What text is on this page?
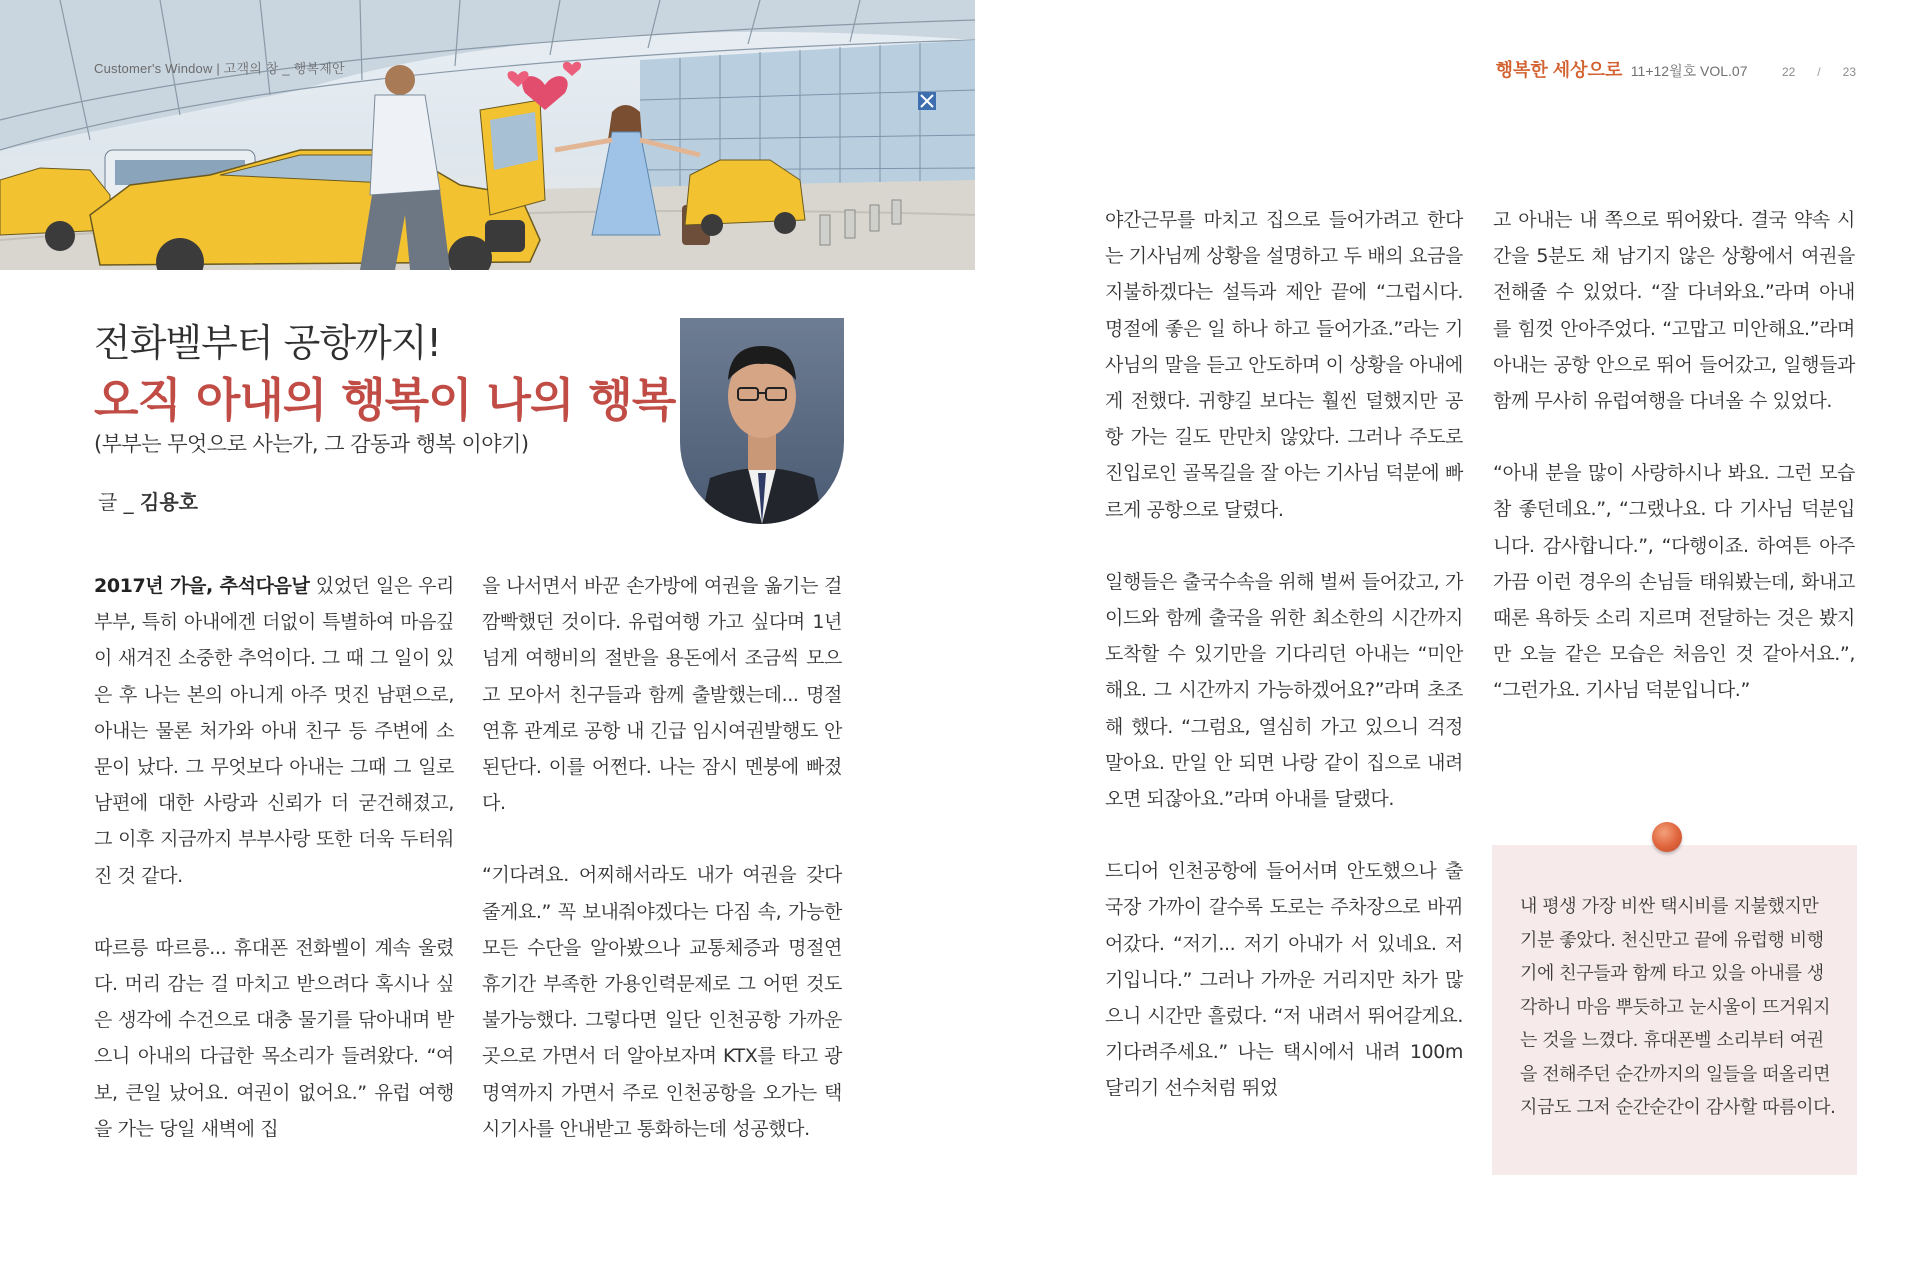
Customer's Window | 고객의 창 _ 행복제안
전화벨부터 공항까지!
오직 아내의 행복이 나의 행복
(부부는 무엇으로 사는가, 그 감동과 행복 이야기)
글 _ 김용호

2017년 가을, 추석다음날 있었던 일은 우리부부, 특히 아내에겐 더없이 특별하여 마음깊이 새겨진 소중한 추억이다. 그 때 그 일이 있은 후 나는 본의 아니게 아주 멋진 남편으로, 아내는 물론 처가와 아내 친구 등 주변에 소문이 났다. 그 무엇보다 아내는 그때 그 일로 남편에 대한 사랑과 신뢰가 더 굳건해졌고, 그 이후 지금까지 부부사랑 또한 더욱 두터워진 것 같다.

따르릉 따르릉... 휴대폰 전화벨이 계속 울렸다. 머리 감는 걸 마치고 받으려다 혹시나 싶은 생각에 수건으로 대충 물기를 닦아내며 받으니 아내의 다급한 목소리가 들려왔다. “여보, 큰일 났어요. 여권이 없어요.” 유럽 여행을 가는 당일 새벽에 집

을 나서면서 바꾼 손가방에 여권을 옮기는 걸 깜빡했던 것이다. 유럽여행 가고 싶다며 1년 넘게 여행비의 절반을 용돈에서 조금씩 모으고 모아서 친구들과 함께 출발했는데... 명절연휴 관계로 공항 내 긴급 임시여권발행도 안된단다. 이를 어쩐다. 나는 잠시 멘붕에 빠졌다.

“기다려요. 어찌해서라도 내가 여권을 갖다 줄게요.” 꼭 보내줘야겠다는 다짐 속, 가능한 모든 수단을 알아봤으나 교통체증과 명절연휴기간 부족한 가용인력문제로 그 어떤 것도 불가능했다. 그렇다면 일단 인천공항 가까운 곳으로 가면서 더 알아보자며 KTX를 타고 광명역까지 가면서 주로 인천공항을 오가는 택시기사를 안내받고 통화하는데 성공했다.

행복한 세상으로 11+12월호 VOL.07	22 / 23

야간근무를 마치고 집으로 들어가려고 한다는 기사님께 상황을 설명하고 두 배의 요금을 지불하겠다는 설득과 제안 끝에 “그럽시다. 명절에 좋은 일 하나 하고 들어가죠.”라는 기사님의 말을 듣고 안도하며 이 상황을 아내에게 전했다. 귀향길 보다는 훨씬 덜했지만 공항 가는 길도 만만치 않았다. 그러나 주도로 진입로인 골목길을 잘 아는 기사님 덕분에 빠르게 공항으로 달렸다.

일행들은 출국수속을 위해 벌써 들어갔고, 가이드와 함께 출국을 위한 최소한의 시간까지 도착할 수 있기만을 기다리던 아내는 “미안해요. 그 시간까지 가능하겠어요?”라며 초조해 했다. “그럼요, 열심히 가고 있으니 걱정 말아요. 만일 안 되면 나랑 같이 집으로 내려오면 되잖아요.”라며 아내를 달랬다.

드디어 인천공항에 들어서며 안도했으나 출국장 가까이 갈수록 도로는 주차장으로 바뀌어갔다. “저기... 저기 아내가 서 있네요. 저기입니다.” 그러나 가까운 거리지만 차가 많으니 시간만 흘렀다. “저 내려서 뛰어갈게요. 기다려주세요.” 나는 택시에서 내려 100m 달리기 선수처럼 뛰었

고 아내는 내 쪽으로 뛰어왔다. 결국 약속 시간을 5분도 채 남기지 않은 상황에서 여권을 전해줄 수 있었다. “잘 다녀와요.”라며 아내를 힘껏 안아주었다. “고맙고 미안해요.”라며 아내는 공항 안으로 뛰어 들어갔고, 일행들과 함께 무사히 유럽여행을 다녀올 수 있었다.

“아내 분을 많이 사랑하시나 봐요. 그런 모습 참 좋던데요.”, “그랬나요. 다 기사님 덕분입니다. 감사합니다.”, “다행이죠. 하여튼 아주 가끔 이런 경우의 손님들 태워봤는데, 화내고 때론 욕하듯 소리 지르며 전달하는 것은 봤지만 오늘 같은 모습은 처음인 것 같아서요.”, “그런가요. 기사님 덕분입니다.”

내 평생 가장 비싼 택시비를 지불했지만 기분 좋았다. 천신만고 끝에 유럽행 비행기에 친구들과 함께 타고 있을 아내를 생각하니 마음 뿌듯하고 눈시울이 뜨거워지는 것을 느꼈다. 휴대폰벨 소리부터 여권을 전해주던 순간까지의 일들을 떠올리면 지금도 그저 순간순간이 감사할 따름이다.
